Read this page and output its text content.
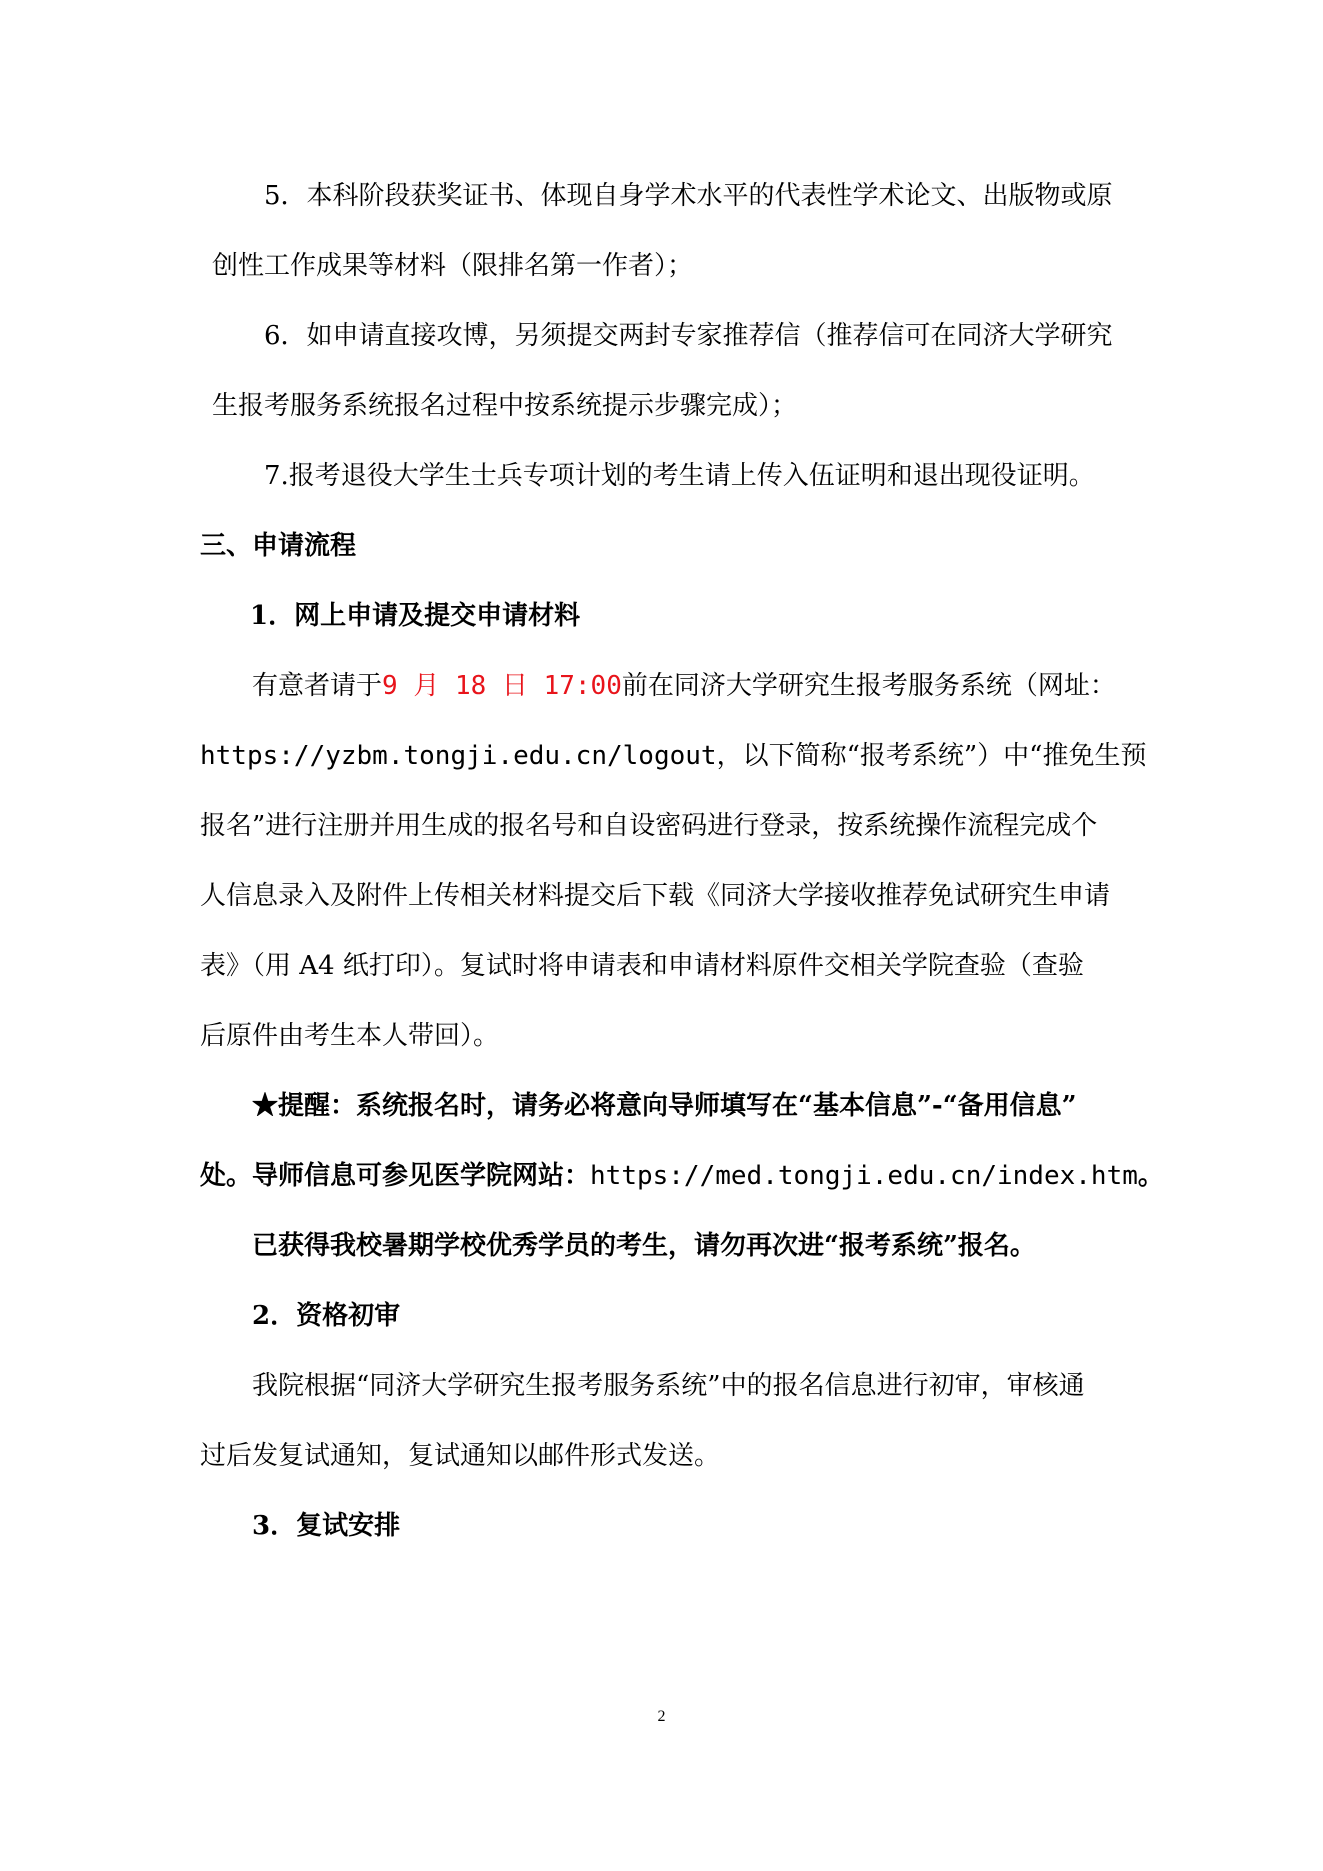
5．本科阶段获奖证书、体现自身学术水平的代表性学术论文、出版物或原
创性工作成果等材料（限排名第一作者）；
6．如申请直接攻博，另须提交两封专家推荐信（推荐信可在同济大学研究
生报考服务系统报名过程中按系统提示步骤完成）；
7.报考退役大学生士兵专项计划的考生请上传入伍证明和退出现役证明。
三、申请流程
1．网上申请及提交申请材料
有意者请于9 月 18 日 17:00前在同济大学研究生报考服务系统（网址：
https://yzbm.tongji.edu.cn/logout，以下简称“报考系统”）中“推免生预
报名”进行注册并用生成的报名号和自设密码进行登录，按系统操作流程完成个
人信息录入及附件上传相关材料提交后下载《同济大学接收推荐免试研究生申请
表》（用 A4 纸打印）。复试时将申请表和申请材料原件交相关学院查验（查验
后原件由考生本人带回）。
★提醒：系统报名时，请务必将意向导师填写在“基本信息”-“备用信息”
处。导师信息可参见医学院网站：https://med.tongji.edu.cn/index.htm。
已获得我校暑期学校优秀学员的考生，请勿再次进“报考系统”报名。
2．资格初审
我院根据“同济大学研究生报考服务系统”中的报名信息进行初审，审核通
过后发复试通知，复试通知以邮件形式发送。
3．复试安排
2
